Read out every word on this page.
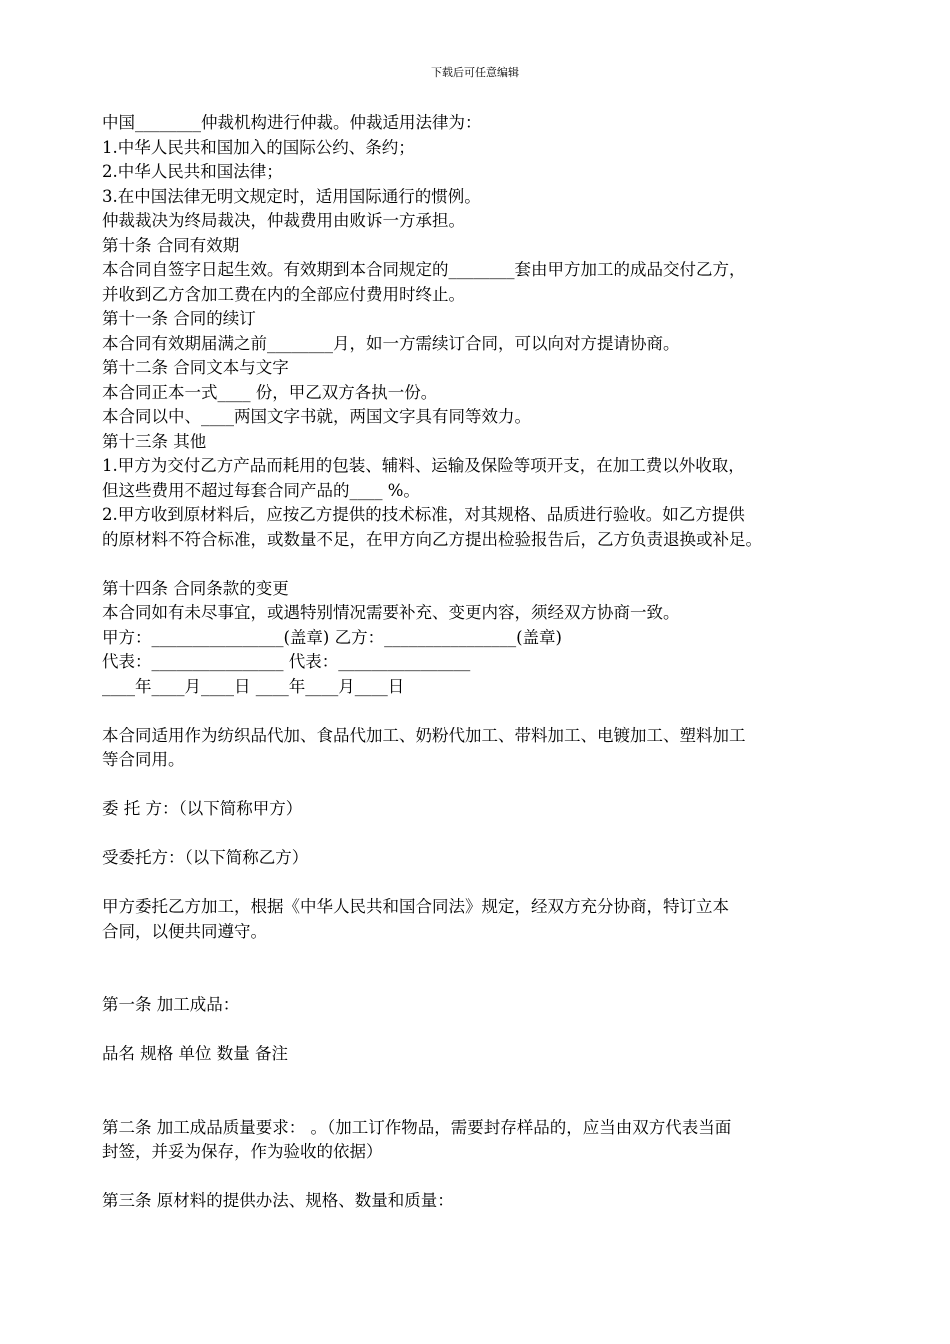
下载后可任意编辑
中国________仲裁机构进行仲裁。仲裁适用法律为：
1.中华人民共和国加入的国际公约、条约；
2.中华人民共和国法律；
3.在中国法律无明文规定时，适用国际通行的惯例。
仲裁裁决为终局裁决，仲裁费用由败诉一方承担。
第十条 合同有效期
本合同自签字日起生效。有效期到本合同规定的________套由甲方加工的成品交付乙方，
并收到乙方含加工费在内的全部应付费用时终止。
第十一条 合同的续订
本合同有效期届满之前________月，如一方需续订合同，可以向对方提请协商。
第十二条 合同文本与文字
本合同正本一式____ 份，甲乙双方各执一份。
本合同以中、____两国文字书就，两国文字具有同等效力。
第十三条 其他
1.甲方为交付乙方产品而耗用的包装、辅料、运输及保险等项开支，在加工费以外收取，
但这些费用不超过每套合同产品的____ %。
2.甲方收到原材料后，应按乙方提供的技术标准，对其规格、品质进行验收。如乙方提供
的原材料不符合标准，或数量不足，在甲方向乙方提出检验报告后，乙方负责退换或补足。
第十四条 合同条款的变更
本合同如有未尽事宜，或遇特别情况需要补充、变更内容，须经双方协商一致。
甲方：________________(盖章) 乙方：________________(盖章)
代表：________________ 代表：________________
____年____月____日 ____年____月____日
本合同适用作为纺织品代加、食品代加工、奶粉代加工、带料加工、电镀加工、塑料加工
等合同用。
委 托 方：（以下简称甲方）
受委托方：（以下简称乙方）
甲方委托乙方加工，根据《中华人民共和国合同法》规定，经双方充分协商，特订立本
合同，以便共同遵守。
第一条 加工成品：
品名 规格 单位 数量 备注
第二条 加工成品质量要求： 。（加工订作物品，需要封存样品的，应当由双方代表当面
封签，并妥为保存，作为验收的依据）
第三条 原材料的提供办法、规格、数量和质量：
